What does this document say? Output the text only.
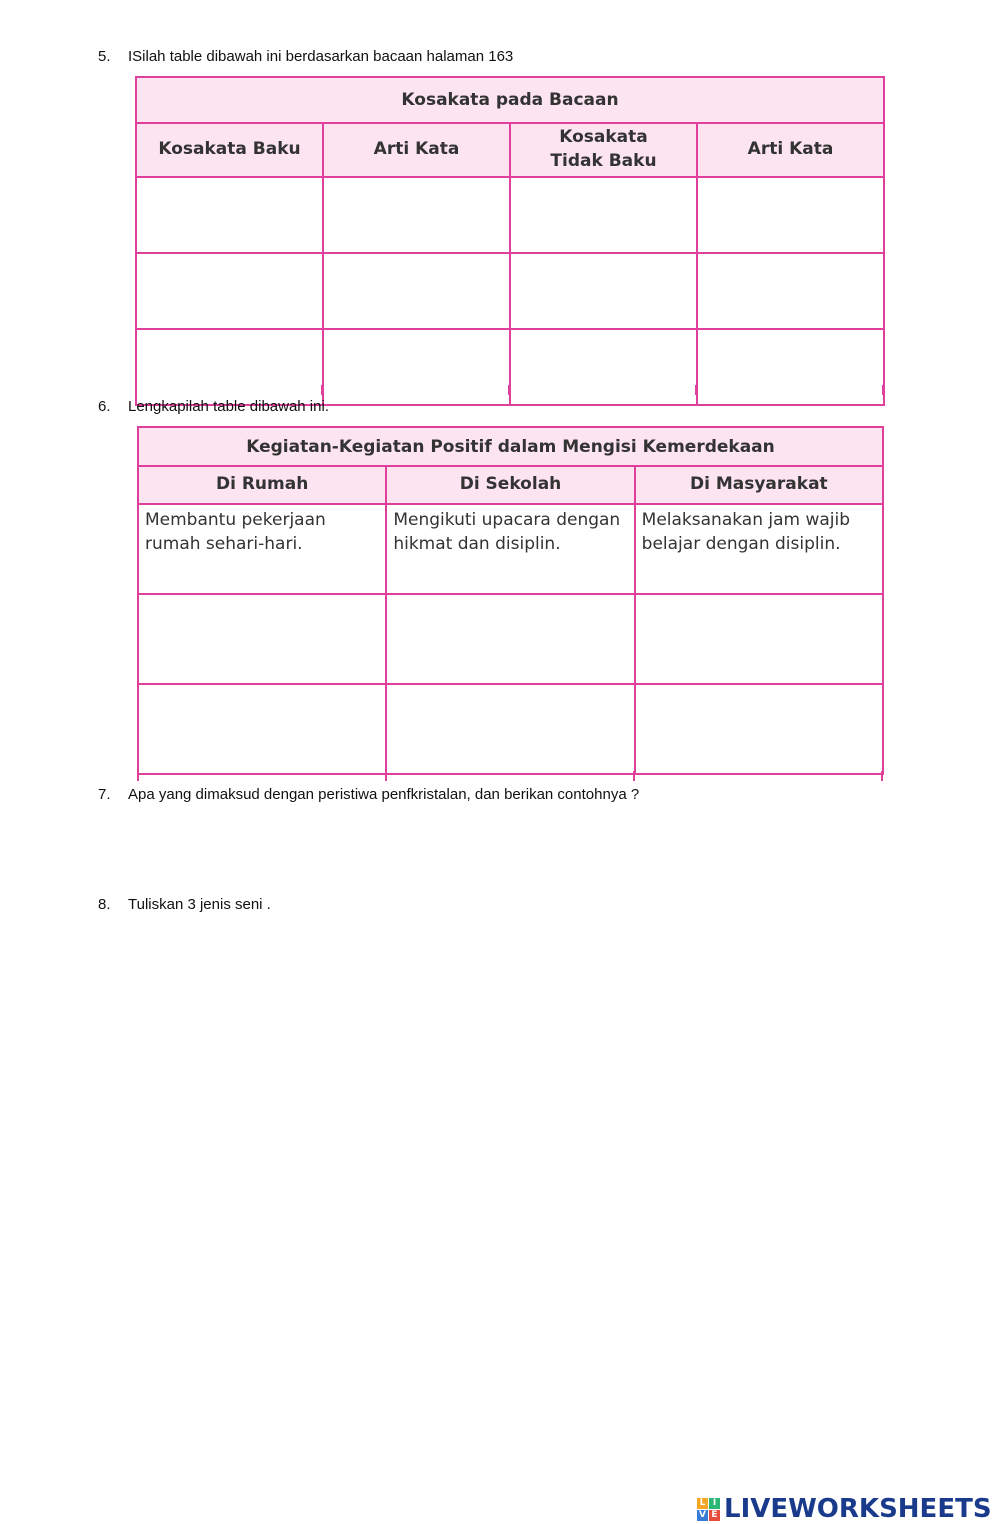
5.	ISilah table dibawah ini berdasarkan bacaan halaman 163
Kosakata pada Bacaan			
Kosakata Baku	Arti Kata	Kosakata Tidak Baku	Arti Kata

6.	Lengkapilah table dibawah ini.
Kegiatan-Kegiatan Positif dalam Mengisi Kemerdekaan		
Di Rumah	Di Sekolah	Di Masyarakat
Membantu pekerjaan rumah sehari-hari.	Mengikuti upacara dengan hikmat dan disiplin.	Melaksanakan jam wajib belajar dengan disiplin.

7.	Apa yang dimaksud dengan peristiwa penfkristalan, dan berikan contohnya ?
8.	Tuliskan 3 jenis seni .
L I
V E LIVEWORKSHEETS
